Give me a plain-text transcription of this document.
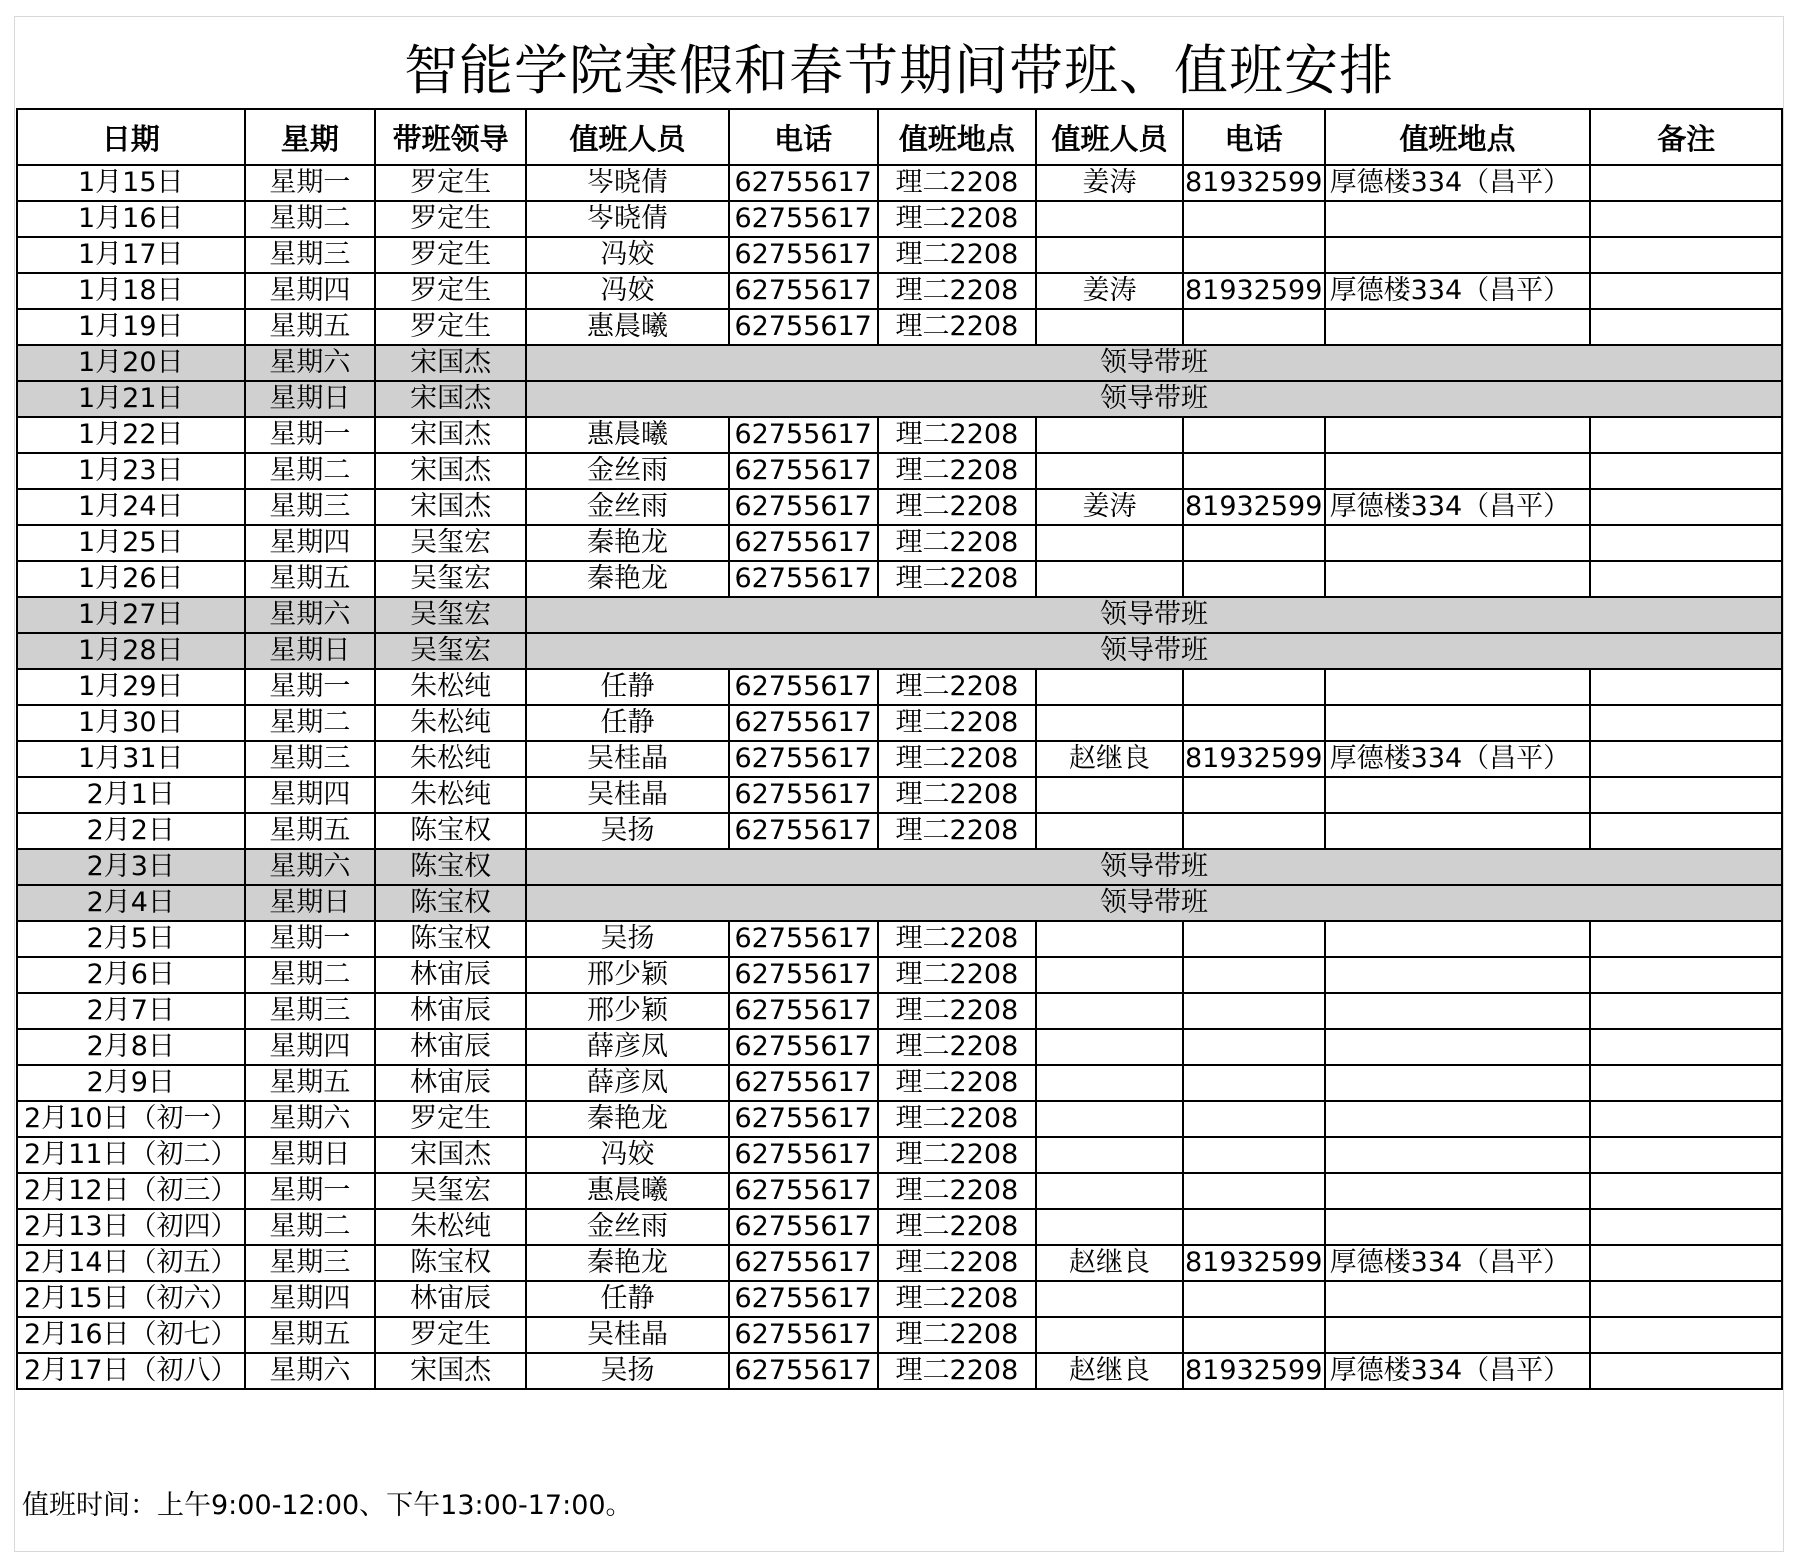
智能学院寒假和春节期间带班、值班安排
日期	星期	带班领导	值班人员	电话	值班地点	值班人员	电话	值班地点	备注
1月15日	星期一	罗定生	岑晓倩	62755617	理二2208	姜涛	81932599	厚德楼334（昌平）	
1月16日	星期二	罗定生	岑晓倩	62755617	理二2208				
1月17日	星期三	罗定生	冯姣	62755617	理二2208				
1月18日	星期四	罗定生	冯姣	62755617	理二2208	姜涛	81932599	厚德楼334（昌平）	
1月19日	星期五	罗定生	惠晨曦	62755617	理二2208				
1月20日	星期六	宋国杰	领导带班						
1月21日	星期日	宋国杰	领导带班						
1月22日	星期一	宋国杰	惠晨曦	62755617	理二2208				
1月23日	星期二	宋国杰	金丝雨	62755617	理二2208				
1月24日	星期三	宋国杰	金丝雨	62755617	理二2208	姜涛	81932599	厚德楼334（昌平）	
1月25日	星期四	吴玺宏	秦艳龙	62755617	理二2208				
1月26日	星期五	吴玺宏	秦艳龙	62755617	理二2208				
1月27日	星期六	吴玺宏	领导带班						
1月28日	星期日	吴玺宏	领导带班						
1月29日	星期一	朱松纯	任静	62755617	理二2208				
1月30日	星期二	朱松纯	任静	62755617	理二2208				
1月31日	星期三	朱松纯	吴桂晶	62755617	理二2208	赵继良	81932599	厚德楼334（昌平）	
2月1日	星期四	朱松纯	吴桂晶	62755617	理二2208				
2月2日	星期五	陈宝权	吴扬	62755617	理二2208				
2月3日	星期六	陈宝权	领导带班						
2月4日	星期日	陈宝权	领导带班						
2月5日	星期一	陈宝权	吴扬	62755617	理二2208				
2月6日	星期二	林宙辰	邢少颖	62755617	理二2208				
2月7日	星期三	林宙辰	邢少颖	62755617	理二2208				
2月8日	星期四	林宙辰	薛彦凤	62755617	理二2208				
2月9日	星期五	林宙辰	薛彦凤	62755617	理二2208				
2月10日（初一）	星期六	罗定生	秦艳龙	62755617	理二2208				
2月11日（初二）	星期日	宋国杰	冯姣	62755617	理二2208				
2月12日（初三）	星期一	吴玺宏	惠晨曦	62755617	理二2208				
2月13日（初四）	星期二	朱松纯	金丝雨	62755617	理二2208				
2月14日（初五）	星期三	陈宝权	秦艳龙	62755617	理二2208	赵继良	81932599	厚德楼334（昌平）	
2月15日（初六）	星期四	林宙辰	任静	62755617	理二2208				
2月16日（初七）	星期五	罗定生	吴桂晶	62755617	理二2208				
2月17日（初八）	星期六	宋国杰	吴扬	62755617	理二2208	赵继良	81932599	厚德楼334（昌平）	
值班时间：上午9:00-12:00、下午13:00-17:00。
